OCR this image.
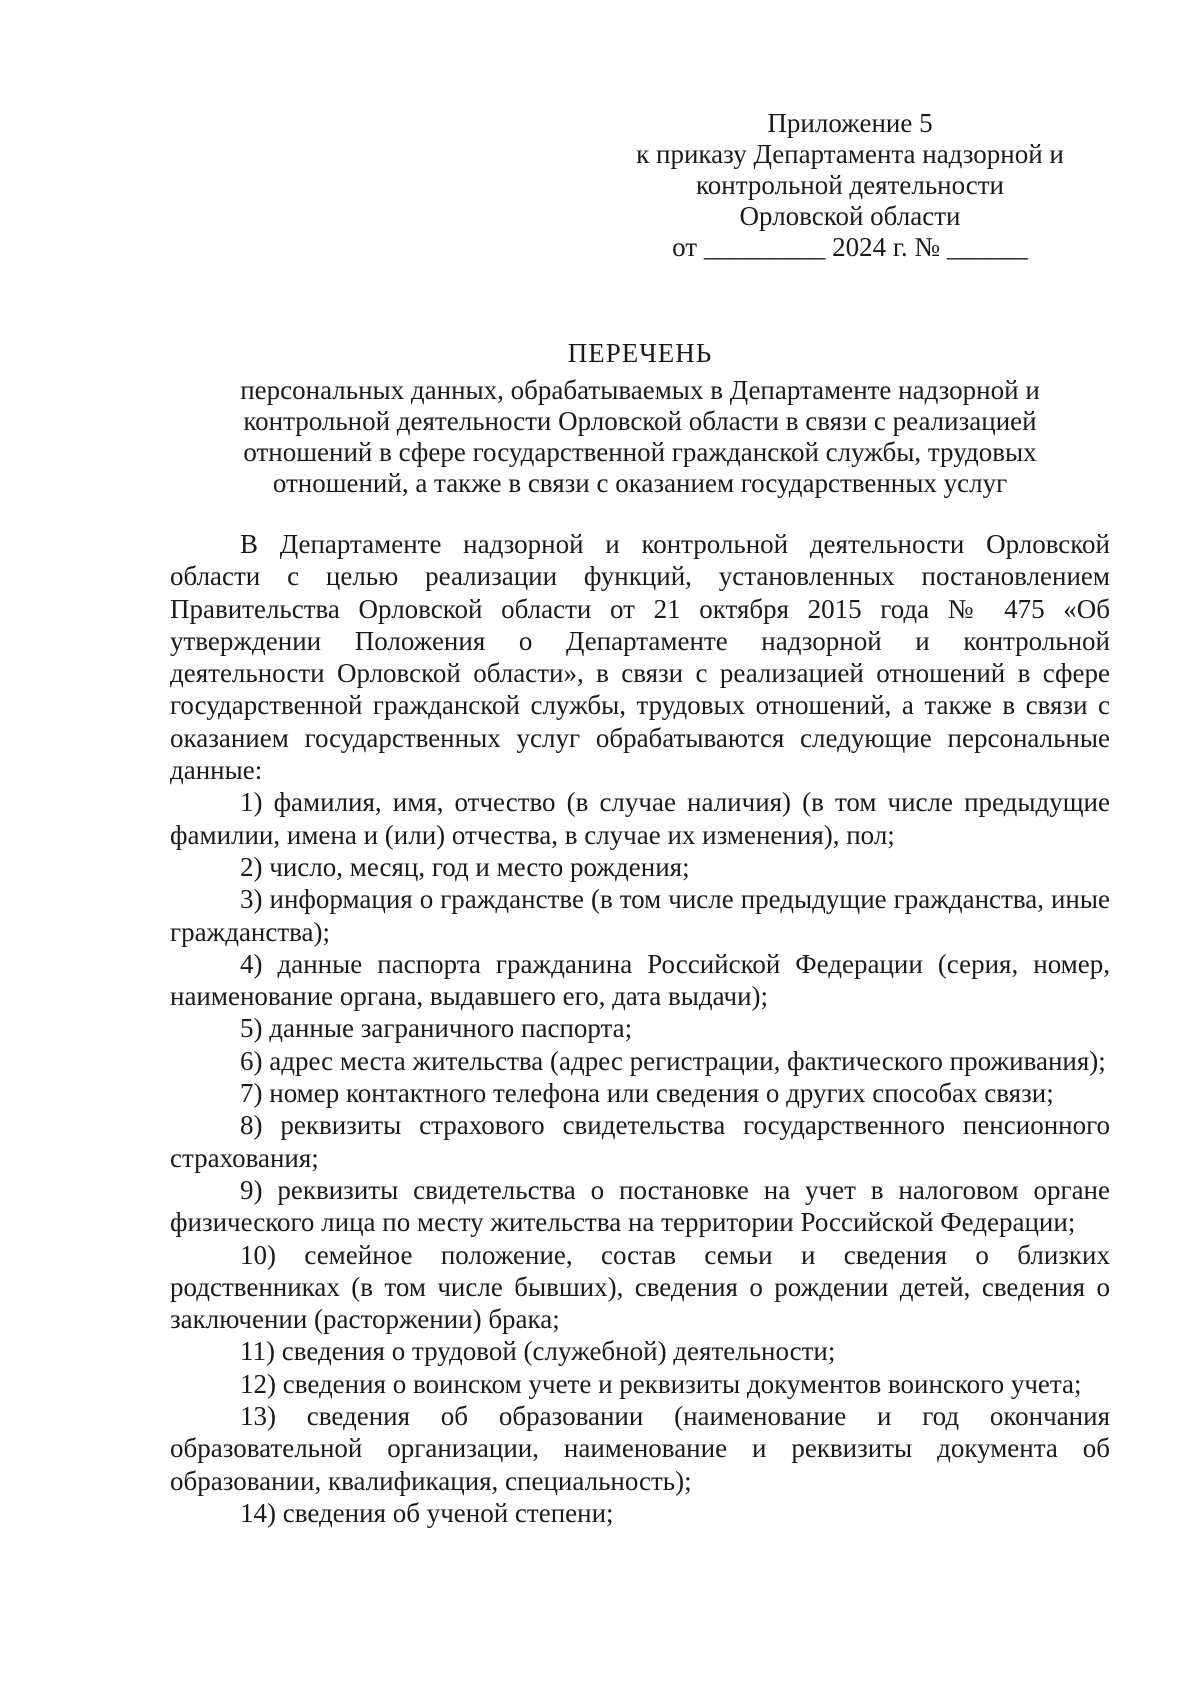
Приложение 5
к приказу Департамента надзорной и
контрольной деятельности
Орловской области
от _________ 2024 г. № ______
ПЕРЕЧЕНЬ
персональных данных, обрабатываемых в Департаменте надзорной и
контрольной деятельности Орловской области в связи с реализацией
отношений в сфере государственной гражданской службы, трудовых
отношений, а также в связи с оказанием государственных услуг

В Департаменте надзорной и контрольной деятельности Орловской области с целью реализации функций, установленных постановлением Правительства Орловской области от 21 октября 2015 года № 475 «Об утверждении Положения о Департаменте надзорной и контрольной деятельности Орловской области», в связи с реализацией отношений в сфере государственной гражданской службы, трудовых отношений, а также в связи с оказанием государственных услуг обрабатываются следующие персональные данные:

1) фамилия, имя, отчество (в случае наличия) (в том числе предыдущие фамилии, имена и (или) отчества, в случае их изменения), пол;

2) число, месяц, год и место рождения;

3) информация о гражданстве (в том числе предыдущие гражданства, иные гражданства);

4) данные паспорта гражданина Российской Федерации (серия, номер, наименование органа, выдавшего его, дата выдачи);

5) данные заграничного паспорта;

6) адрес места жительства (адрес регистрации, фактического проживания);

7) номер контактного телефона или сведения о других способах связи;

8) реквизиты страхового свидетельства государственного пенсионного страхования;

9) реквизиты свидетельства о постановке на учет в налоговом органе физического лица по месту жительства на территории Российской Федерации;

10) семейное положение, состав семьи и сведения о близких родственниках (в том числе бывших), сведения о рождении детей, сведения о заключении (расторжении) брака;

11) сведения о трудовой (служебной) деятельности;

12) сведения о воинском учете и реквизиты документов воинского учета;

13) сведения об образовании (наименование и год окончания образовательной организации, наименование и реквизиты документа об образовании, квалификация, специальность);

14) сведения об ученой степени;
